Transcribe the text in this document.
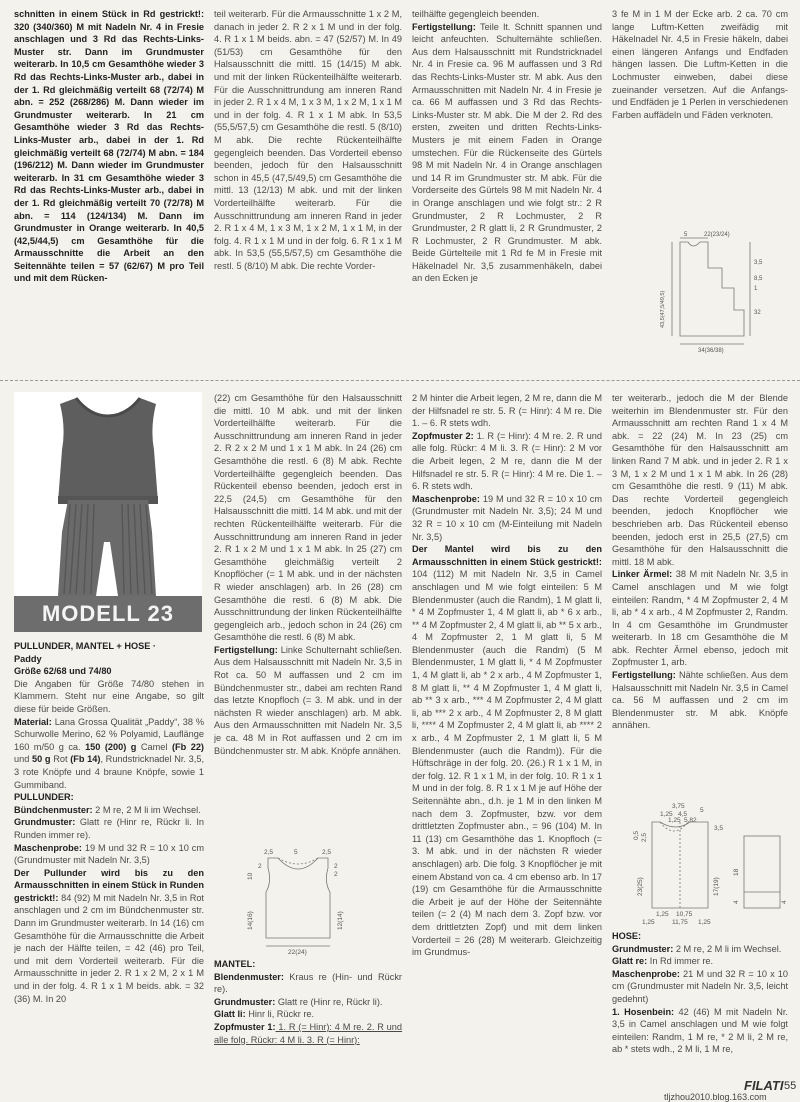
schnitten in einem Stück in Rd gestrickt!: 320 (340/360) M mit Nadeln Nr. 4 in Fresie anschlagen und 3 Rd das Rechts-Links-Muster str. Dann im Grundmuster weiterarb. In 10,5 cm Gesamthöhe wieder 3 Rd das Rechts-Links-Muster arb., dabei in der 1. Rd gleichmäßig verteilt 68 (72/74) M abn. = 252 (268/286) M. Dann wieder im Grundmuster weiterarb. In 21 cm Gesamthöhe wieder 3 Rd das Rechts-Links-Muster arb., dabei in der 1. Rd gleichmäßig verteilt 68 (72/74) M abn. = 184 (196/212) M. Dann wieder im Grundmuster weiterarb. In 31 cm Gesamthöhe wieder 3 Rd das Rechts-Links-Muster arb., dabei in der 1. Rd gleichmäßig verteilt 70 (72/78) M abn. = 114 (124/134) M. Dann im Grundmuster in Orange weiterarb. In 40,5 (42,5/44,5) cm Gesamthöhe für die Armausschnitte die Arbeit an den Seitennähte teilen = 57 (62/67) M pro Teil und mit dem Rücken-

teil weiterarb. Für die Armausschnitte 1 x 2 M, danach in jeder 2. R 2 x 1 M und in der folg. 4. R 1 x 1 M beids. abn. = 47 (52/57) M. In 49 (51/53) cm Gesamthöhe für den Halsausschnitt die mittl. 15 (14/15) M abk. und mit der linken Rückenteilhälfte weiterarb. Für die Ausschnittrundung am inneren Rand in jeder 2. R 1 x 4 M, 1 x 3 M, 1 x 2 M, 1 x 1 M und in der folg. 4. R 1 x 1 M abk. In 53,5 (55,5/57,5) cm Gesamthöhe die restl. 5 (8/10) M abk. Die rechte Rückenteilhälfte gegengleich beenden. Das Vorderteil ebenso beenden, jedoch für den Halsausschnitt schon in 45,5 (47,5/49,5) cm Gesamthöhe die mittl. 13 (12/13) M abk. und mit der linken Vorderteilhälfte weiterarb. Für die Ausschnittrundung am inneren Rand in jeder 2. R 1 x 4 M, 1 x 3 M, 1 x 2 M, 1 x 1 M, in der folg. 4. R 1 x 1 M und in der folg. 6. R 1 x 1 M abk. In 53,5 (55,5/57,5) cm Gesamthöhe die restl. 5 (8/10) M abk. Die rechte Vorder-

teilhälfte gegengleich beenden.
Fertigstellung: Teile lt. Schnitt spannen und leicht anfeuchten. Schulternähte schließen. Aus dem Halsausschnitt mit Rundstricknadel Nr. 4 in Fresie ca. 96 M auffassen und 3 Rd das Rechts-Links-Muster str. M abk. Aus den Armausschnitten mit Nadeln Nr. 4 in Fresie je ca. 66 M auffassen und 3 Rd das Rechts-Links-Muster str. M abk. Die M der 2. Rd des ersten, zweiten und dritten Rechts-Links-Musters je mit einem Faden in Orange umstechen. Für die Rückenseite des Gürtels 98 M mit Nadeln Nr. 4 in Orange anschlagen und 14 R im Grundmuster str. M abk. Für die Vorderseite des Gürtels 98 M mit Nadeln Nr. 4 in Orange anschlagen und wie folgt str.: 2 R Grundmuster, 2 R Lochmuster, 2 R Grundmuster, 2 R glatt li, 2 R Grundmuster, 2 R Lochmuster, 2 R Grundmuster. M abk. Beide Gürtelteile mit 1 Rd fe M in Fresie mit Häkelnadel Nr. 3,5 zusammenhäkeln, dabei an den Ecken je

3 fe M in 1 M der Ecke arb. 2 ca. 70 cm lange Luftm-Ketten zweifädig mit Häkelnadel Nr. 4,5 in Fresie häkeln, dabei einen längeren Anfangs und Endfaden hängen lassen. Die Luftm-Ketten in die Lochmuster einweben, dabei diese zueinander versetzen. Auf die Anfangs- und Endfäden je 1 Perlen in verschiedenen Farben auffädeln und Fäden verknoten.

5	22(23/24)
43,5(47,5/49,5)
3,5
8,5
1
32
34(36/38)
MODELL 23

PULLUNDER, MANTEL + HOSE ·

Paddy

Größe 62/68 und 74/80

Die Angaben für Größe 74/80 stehen in Klammern. Steht nur eine Angabe, so gilt diese für beide Größen.

Material: Lana Grossa Qualität „Paddy“, 38 % Schurwolle Merino, 62 % Polyamid, Lauflänge 160 m/50 g ca. 150 (200) g Camel (Fb 22) und 50 g Rot (Fb 14), Rundstricknadel Nr. 3,5, 3 rote Knöpfe und 4 braune Knöpfe, sowie 1 Gummiband.

PULLUNDER:

Bündchenmuster: 2 M re, 2 M li im Wechsel.

Grundmuster: Glatt re (Hinr re, Rückr li. In Runden immer re).

Maschenprobe: 19 M und 32 R = 10 x 10 cm (Grundmuster mit Nadeln Nr. 3,5)

Der Pullunder wird bis zu den Armausschnitten in einem Stück in Runden gestrickt!: 84 (92) M mit Nadeln Nr. 3,5 in Rot anschlagen und 2 cm im Bündchenmuster str. Dann im Grundmuster weiterarb. In 14 (16) cm Gesamthöhe für die Armausschnitte die Arbeit je nach der Hälfte teilen, = 42 (46) pro Teil, und mit dem Vorderteil weiterarb. Für die Armausschnitte in jeder 2. R 1 x 2 M, 2 x 1 M und in der folg. 4. R 1 x 1 M beids. abk. = 32 (36) M. In 20

(22) cm Gesamthöhe für den Halsausschnitt die mittl. 10 M abk. und mit der linken Vorderteilhälfte weiterarb. Für die Ausschnittrundung am inneren Rand in jeder 2. R 2 x 2 M und 1 x 1 M abk. In 24 (26) cm Gesamthöhe die restl. 6 (8) M abk. Rechte Vorderteilhälfte gegengleich beenden. Das Rückenteil ebenso beenden, jedoch erst in 22,5 (24,5) cm Gesamthöhe für den Halsausschnitt die mittl. 14 M abk. und mit der rechten Rückenteilhälfte weiterarb. Für die Ausschnittrundung am inneren Rand in jeder 2. R 1 x 2 M und 1 x 1 M abk. In 25 (27) cm Gesamthöhe gleichmäßig verteilt 2 Knopflöcher (= 1 M abk. und in der nächsten R wieder anschlagen) arb. In 26 (28) cm Gesamthöhe die restl. 6 (8) M abk. Die Ausschnittrundung der linken Rückenteilhälfte gegengleich arb., jedoch schon in 24 (26) cm Gesamthöhe die restl. 6 (8) M abk.

Fertigstellung: Linke Schulternaht schließen. Aus dem Halsausschnitt mit Nadeln Nr. 3,5 in Rot ca. 50 M auffassen und 2 cm im Bündchenmuster str., dabei am rechten Rand das letzte Knopfloch (= 3. M abk. und in der nächsten R wieder anschlagen) arb. M abk. Aus den Armausschnitten mit Nadeln Nr. 3,5 je ca. 48 M in Rot auffassen und 2 cm im Bündchenmuster str. M abk. Knöpfe annähen.

2,5	5	2,5
10
2	2
14(16)
2
12(14)
22(24)

MANTEL:

Blendenmuster: Kraus re (Hin- und Rückr re).

Grundmuster: Glatt re (Hinr re, Rückr li).

Glatt li: Hinr li, Rückr re.

Zopfmuster 1: 1. R (= Hinr): 4 M re. 2. R und alle folg. Rückr: 4 M li. 3. R (= Hinr):

2 M hinter die Arbeit legen, 2 M re, dann die M der Hilfsnadel re str. 5. R (= Hinr): 4 M re. Die 1. – 6. R stets wdh.

Zopfmuster 2: 1. R (= Hinr): 4 M re. 2. R und alle folg. Rückr: 4 M li. 3. R (= Hinr): 2 M vor die Arbeit legen, 2 M re, dann die M der Hilfsnadel re str. 5. R (= Hinr): 4 M re. Die 1. – 6. R stets wdh.

Maschenprobe: 19 M und 32 R = 10 x 10 cm (Grundmuster mit Nadeln Nr. 3,5); 24 M und 32 R = 10 x 10 cm (M-Einteilung mit Nadeln Nr. 3,5)

Der Mantel wird bis zu den Armausschnitten in einem Stück gestrickt!: 104 (112) M mit Nadeln Nr. 3,5 in Camel anschlagen und M wie folgt einteilen: 5 M Blendenmuster (auch die Randm), 1 M glatt li, * 4 M Zopfmuster 1, 4 M glatt li, ab * 6 x arb., ** 4 M Zopfmuster 2, 4 M glatt li, ab ** 5 x arb., 4 M Zopfmuster 2, 1 M glatt li, 5 M Blendenmuster (auch die Randm) (5 M Blendenmuster, 1 M glatt li, * 4 M Zopfmuster 1, 4 M glatt li, ab * 2 x arb., 4 M Zopfmuster 1, 8 M glatt li, ** 4 M Zopfmuster 1, 4 M glatt li, ab ** 3 x arb., *** 4 M Zopfmuster 2, 4 M glatt li, ab *** 2 x arb., 4 M Zopfmuster 2, 8 M glatt li, **** 4 M Zopfmuster 2, 4 M glatt li, ab **** 2 x arb., 4 M Zopfmuster 2, 1 M glatt li, 5 M Blendenmuster (auch die Randm)). Für die Hüftschräge in der folg. 20. (26.) R 1 x 1 M, in der folg. 12. R 1 x 1 M, in der folg. 10. R 1 x 1 M und in der folg. 8. R 1 x 1 M je auf Höhe der Seitennähte abn., d.h. je 1 M in den linken M nach dem 3. Zopfmuster, bzw. vor dem drittletzten Zopfmuster abn., = 96 (104) M. In 11 (13) cm Gesamthöhe das 1. Knopfloch (= 3. M abk. und in der nächsten R wieder anschlagen) arb. Die folg. 3 Knopflöcher je mit einem Abstand von ca. 4 cm ebenso arb. In 17 (19) cm Gesamthöhe für die Armausschnitte die Arbeit je auf der Höhe der Seitennähte teilen (= 2 (4) M nach dem 3. Zopf bzw. vor dem drittletzten Zopf) und mit dem linken Vorderteil = 26 (28) M weiterarb. Gleichzeitig im Grundmus-

ter weiterarb., jedoch die M der Blende weiterhin im Blendenmuster str. Für den Armausschnitt am rechten Rand 1 x 4 M abk. = 22 (24) M. In 23 (25) cm Gesamthöhe für den Halsausschnitt am linken Rand 7 M abk. und in jeder 2. R 1 x 3 M, 1 x 2 M und 1 x 1 M abk. In 26 (28) cm Gesamthöhe die restl. 9 (11) M abk. Das rechte Vorderteil gegengleich beenden, jedoch Knopflöcher wie beschrieben arb. Das Rückenteil ebenso beenden, jedoch erst in 25,5 (27,5) cm Gesamthöhe für den Halsausschnitt die mittl. 18 M abk.

Linker Ärmel: 38 M mit Nadeln Nr. 3,5 in Camel anschlagen und M wie folgt einteilen: Randm, * 4 M Zopfmuster 2, 4 M li, ab * 4 x arb., 4 M Zopfmuster 2, Randm. In 4 cm Gesamthöhe im Grundmuster weiterarb. In 18 cm Gesamthöhe die M abk. Rechter Ärmel ebenso, jedoch mit Zopfmuster 1, arb.

Fertigstellung: Nähte schließen. Aus dem Halsausschnitt mit Nadeln Nr. 3,5 in Camel ca. 56 M auffassen und 2 cm im Blendenmuster str. M abk. Knöpfe annähen.

3,75
1,25 4,5
5
1,25 5,82
0,5 2,5
3,5
23(25)	17(19)
18
4	4
1,25 10,75
1,25	11,75 1,25

HOSE:

Grundmuster: 2 M re, 2 M li im Wechsel.

Glatt re: In Rd immer re.

Maschenprobe: 21 M und 32 R = 10 x 10 cm (Grundmuster mit Nadeln Nr. 3,5, leicht gedehnt)

1. Hosenbein: 42 (46) M mit Nadeln Nr. 3,5 in Camel anschlagen und M wie folgt einteilen: Randm, 1 M re, * 2 M li, 2 M re, ab * stets wdh., 2 M li, 1 M re,

FILATI 55
tljzhou2010.blog.163.com
